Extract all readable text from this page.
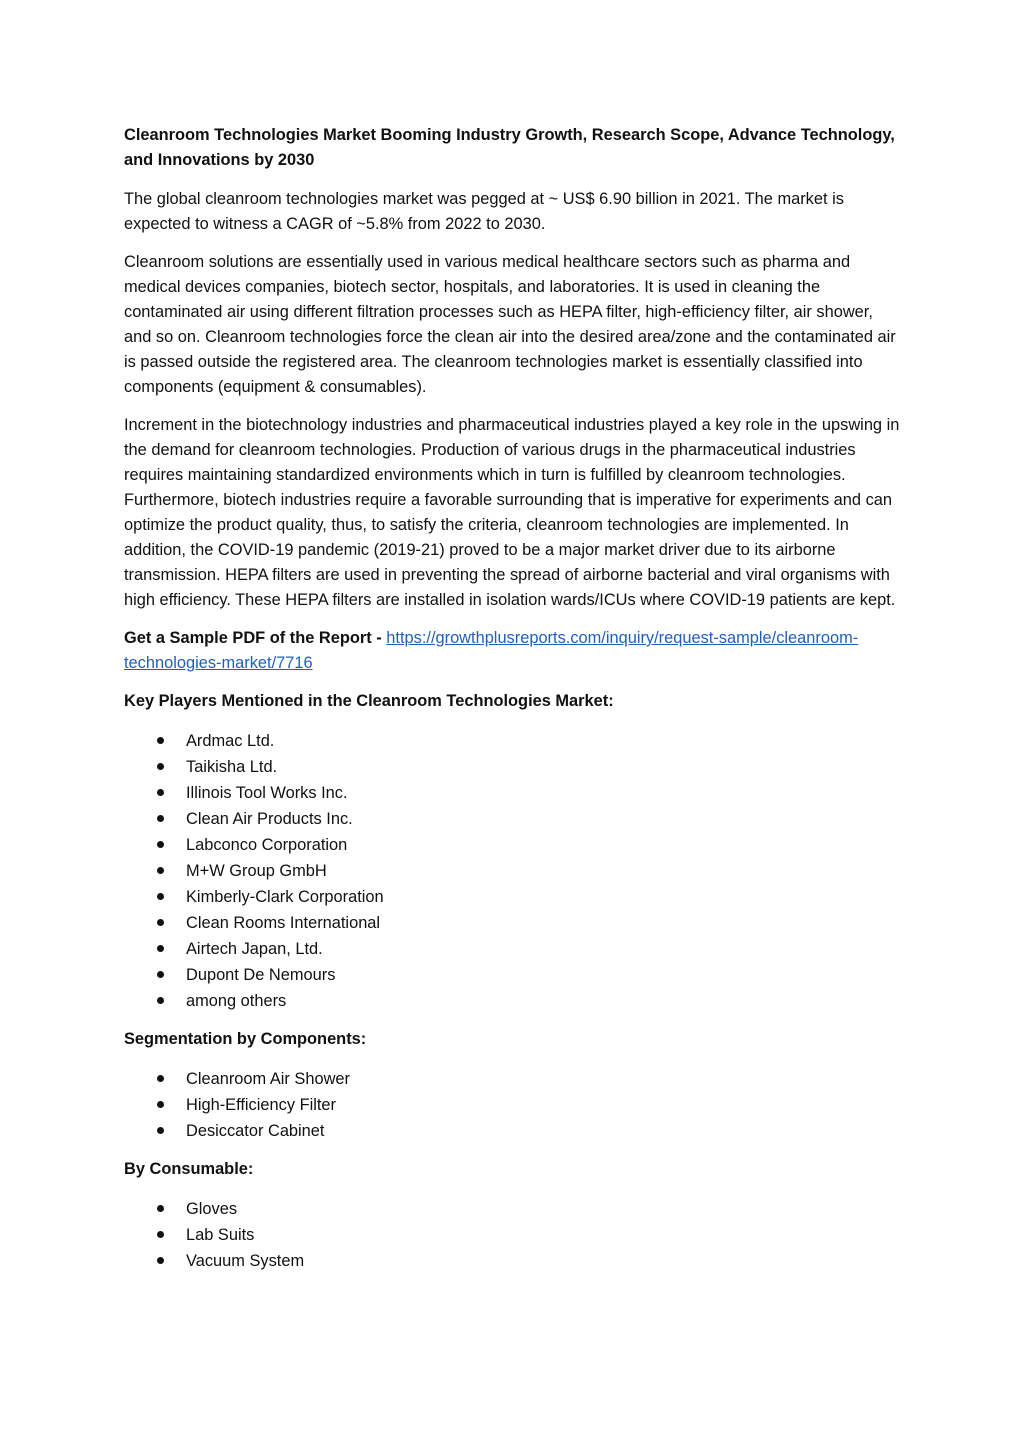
Cleanroom Technologies Market Booming Industry Growth, Research Scope, Advance Technology, and Innovations by 2030

The global cleanroom technologies market was pegged at ~ US$ 6.90 billion in 2021. The market is expected to witness a CAGR of ~5.8% from 2022 to 2030.

Cleanroom solutions are essentially used in various medical healthcare sectors such as pharma and medical devices companies, biotech sector, hospitals, and laboratories. It is used in cleaning the contaminated air using different filtration processes such as HEPA filter, high-efficiency filter, air shower, and so on. Cleanroom technologies force the clean air into the desired area/zone and the contaminated air is passed outside the registered area. The cleanroom technologies market is essentially classified into components (equipment & consumables).

Increment in the biotechnology industries and pharmaceutical industries played a key role in the upswing in the demand for cleanroom technologies. Production of various drugs in the pharmaceutical industries requires maintaining standardized environments which in turn is fulfilled by cleanroom technologies. Furthermore, biotech industries require a favorable surrounding that is imperative for experiments and can optimize the product quality, thus, to satisfy the criteria, cleanroom technologies are implemented. In addition, the COVID-19 pandemic (2019-21) proved to be a major market driver due to its airborne transmission. HEPA filters are used in preventing the spread of airborne bacterial and viral organisms with high efficiency. These HEPA filters are installed in isolation wards/ICUs where COVID-19 patients are kept.

Get a Sample PDF of the Report - https://growthplusreports.com/inquiry/request-sample/cleanroom-technologies-market/7716
Key Players Mentioned in the Cleanroom Technologies Market:
Ardmac Ltd.
Taikisha Ltd.
Illinois Tool Works Inc.
Clean Air Products Inc.
Labconco Corporation
M+W Group GmbH
Kimberly-Clark Corporation
Clean Rooms International
Airtech Japan, Ltd.
Dupont De Nemours
among others
Segmentation by Components:
Cleanroom Air Shower
High-Efficiency Filter
Desiccator Cabinet
By Consumable:
Gloves
Lab Suits
Vacuum System
